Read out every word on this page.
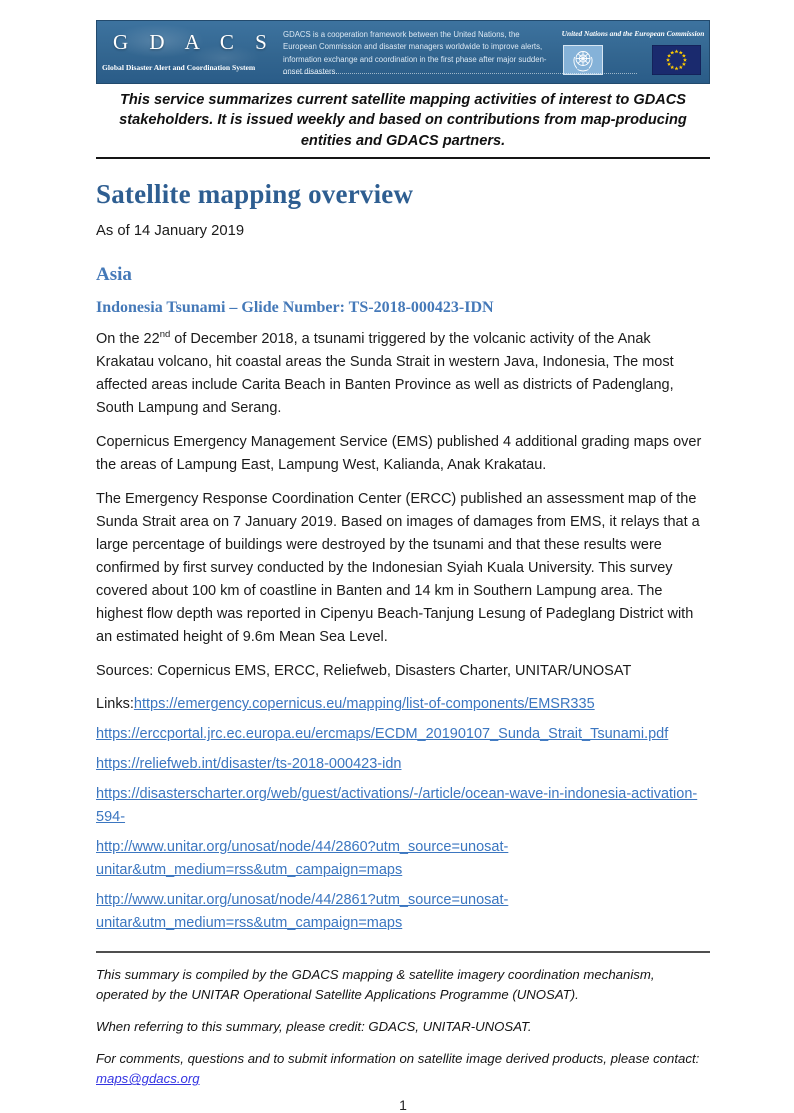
G D A C S
Global Disaster Alert and Coordination System
GDACS is a cooperation framework between the United Nations, the European Commission and disaster managers worldwide to improve alerts, information exchange and coordination in the first phase after major sudden-onset disasters.
United Nations and the European Commission
This service summarizes current satellite mapping activities of interest to GDACS stakeholders. It is issued weekly and based on contributions from map-producing entities and GDACS partners.
Satellite mapping overview
As of 14 January 2019
Asia
Indonesia Tsunami – Glide Number: TS-2018-000423-IDN

On the 22nd of December 2018, a tsunami triggered by the volcanic activity of the Anak Krakatau volcano, hit coastal areas the Sunda Strait in western Java, Indonesia, The most affected areas include Carita Beach in Banten Province as well as districts of Padenglang, South Lampung and Serang.

Copernicus Emergency Management Service (EMS) published 4 additional grading maps over the areas of Lampung East, Lampung West, Kalianda, Anak Krakatau.

The Emergency Response Coordination Center (ERCC) published an assessment map of the Sunda Strait area on 7 January 2019. Based on images of damages from EMS, it relays that a large percentage of buildings were destroyed by the tsunami and that these results were confirmed by first survey conducted by the Indonesian Syiah Kuala University. This survey covered about 100 km of coastline in Banten and 14 km in Southern Lampung area. The highest flow depth was reported in Cipenyu Beach-Tanjung Lesung of Padeglang District with an estimated height of 9.6m Mean Sea Level.

Sources: Copernicus EMS, ERCC, Reliefweb, Disasters Charter, UNITAR/UNOSAT

Links:https://emergency.copernicus.eu/mapping/list-of-components/EMSR335
https://erccportal.jrc.ec.europa.eu/ercmaps/ECDM_20190107_Sunda_Strait_Tsunami.pdf
https://reliefweb.int/disaster/ts-2018-000423-idn
https://disasterscharter.org/web/guest/activations/-/article/ocean-wave-in-indonesia-activation-
594-
http://www.unitar.org/unosat/node/44/2860?utm_source=unosat-
unitar&utm_medium=rss&utm_campaign=maps
http://www.unitar.org/unosat/node/44/2861?utm_source=unosat-
unitar&utm_medium=rss&utm_campaign=maps

This summary is compiled by the GDACS mapping & satellite imagery coordination mechanism, operated by the UNITAR Operational Satellite Applications Programme (UNOSAT).

When referring to this summary, please credit: GDACS, UNITAR-UNOSAT.

For comments, questions and to submit information on satellite image derived products, please contact:
maps@gdacs.org

1
